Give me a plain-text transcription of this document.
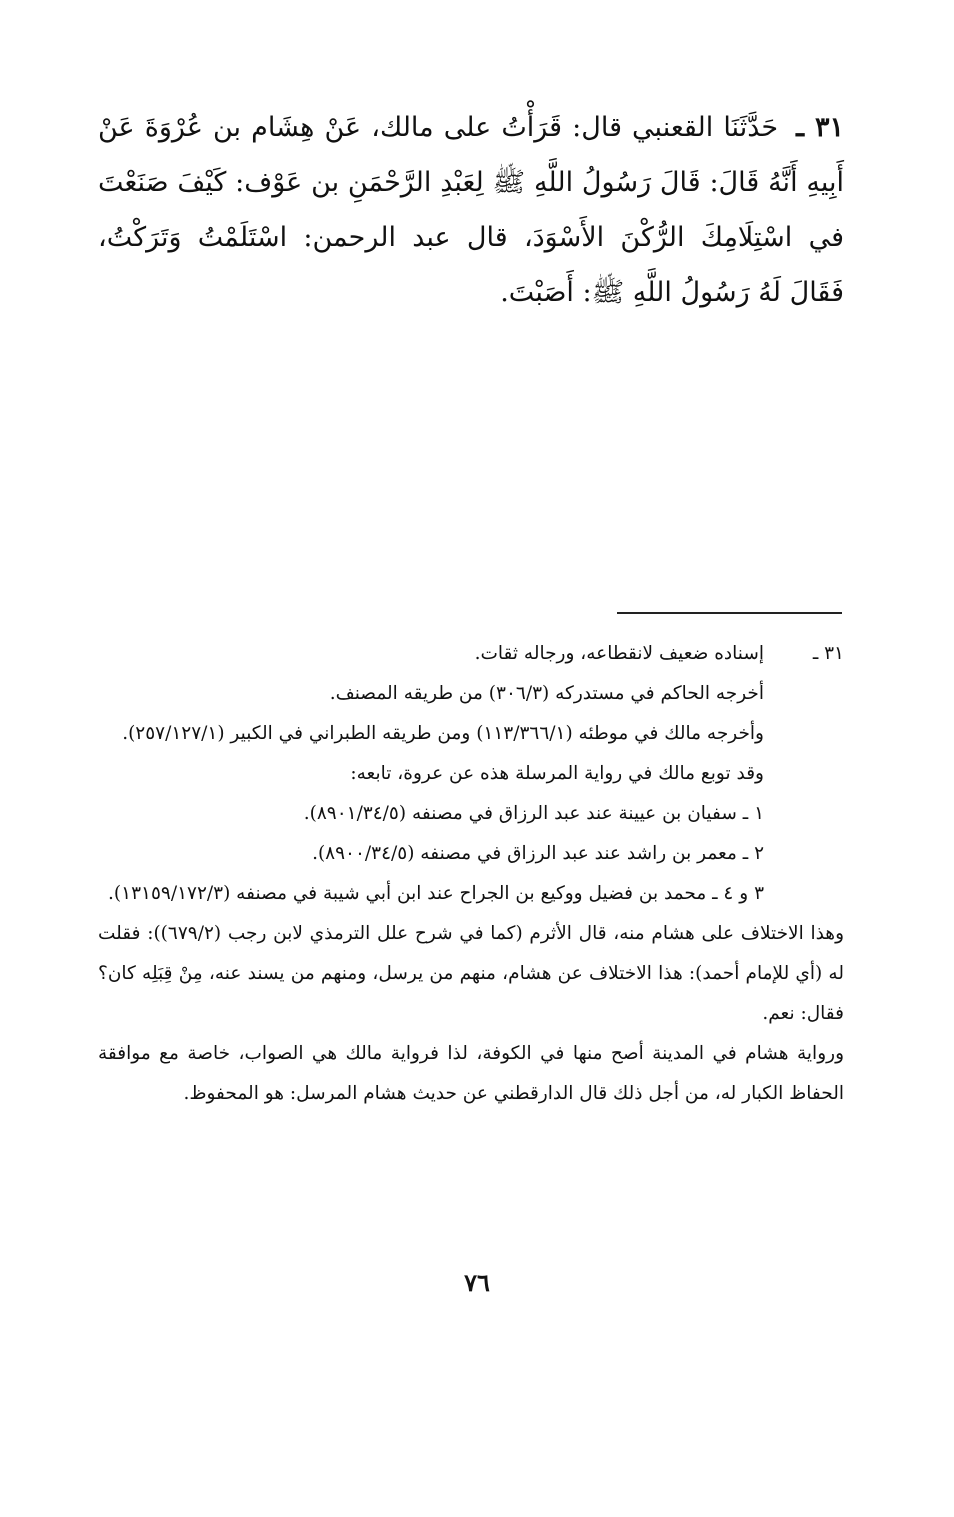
٣١ ـ حَدَّثَنَا القعنبي قال: قَرَأْتُ على مالك، عَنْ هِشَام بن عُرْوَةَ عَنْ أَبِيهِ أَنَّهُ قَالَ: قَالَ رَسُولُ اللَّهِ ﷺ لِعَبْدِ الرَّحْمَنِ بن عَوْف: كَيْفَ صَنَعْتَ في اسْتِلَامِكَ الرُّكْنَ الأَسْوَدَ، قال عبد الرحمن: اسْتَلَمْتُ وَتَرَكْتُ، فَقَالَ لَهُ رَسُولُ اللَّهِ ﷺ: أَصَبْتَ.
٣١ ـ
إسناده ضعيف لانقطاعه، ورجاله ثقات.

أخرجه الحاكم في مستدركه (٣٠٦/٣) من طريقه المصنف.

وأخرجه مالك في موطئه (١١٣/٣٦٦/١) ومن طريقه الطبراني في الكبير (٢٥٧/١٢٧/١).

وقد توبع مالك في رواية المرسلة هذه عن عروة، تابعه:

١ ـ سفيان بن عيينة عند عبد الرزاق في مصنفه (٨٩٠١/٣٤/٥).

٢ ـ معمر بن راشد عند عبد الرزاق في مصنفه (٨٩٠٠/٣٤/٥).

٣ و ٤ ـ محمد بن فضيل ووكيع بن الجراح عند ابن أبي شيبة في مصنفه (١٣١٥٩/١٧٢/٣).

وهذا الاختلاف على هشام منه، قال الأثرم (كما في شرح علل الترمذي لابن رجب (٦٧٩/٢)): فقلت له (أي للإمام أحمد): هذا الاختلاف عن هشام، منهم من يرسل، ومنهم من يسند عنه، مِنْ قِبَلِه كان؟ فقال: نعم.

ورواية هشام في المدينة أصح منها في الكوفة، لذا فرواية مالك هي الصواب، خاصة مع موافقة الحفاظ الكبار له، من أجل ذلك قال الدارقطني عن حديث هشام المرسل: هو المحفوظ.

٧٦
